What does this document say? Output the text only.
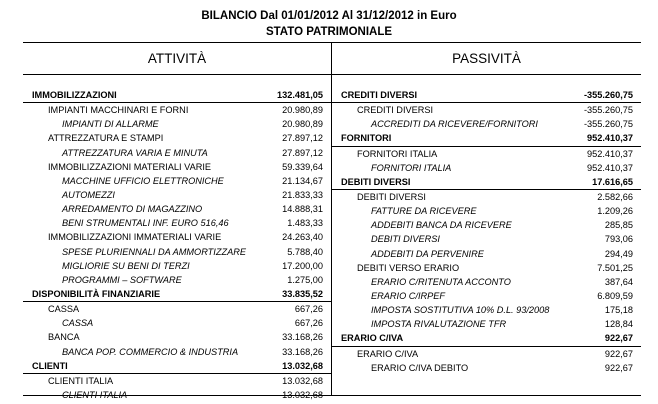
BILANCIO Dal 01/01/2012 Al 31/12/2012 in Euro
STATO PATRIMONIALE
ATTIVITÀ	PASSIVITÀ
IMMOBILIZZAZIONI	132.481,05
IMPIANTI MACCHINARI E FORNI	20.980,89
IMPIANTI DI ALLARME	20.980,89
ATTREZZATURA E STAMPI	27.897,12
ATTREZZATURA VARIA E MINUTA	27.897,12
IMMOBILIZZAZIONI MATERIALI VARIE	59.339,64
MACCHINE UFFICIO ELETTRONICHE	21.134,67
AUTOMEZZI	21.833,33
ARREDAMENTO DI MAGAZZINO	14.888,31
BENI STRUMENTALI INF. EURO 516,46	1.483,33
IMMOBILIZZAZIONI IMMATERIALI VARIE	24.263,40
SPESE PLURIENNALI DA AMMORTIZZARE	5.788,40
MIGLIORIE SU BENI DI TERZI	17.200,00
PROGRAMMI – SOFTWARE	1.275,00
DISPONIBILITÀ FINANZIARIE	33.835,52
CASSA	667,26
CASSA	667,26
BANCA	33.168,26
BANCA POP. COMMERCIO & INDUSTRIA	33.168,26
CLIENTI	13.032,68
CLIENTI ITALIA	13.032,68
CLIENTI ITALIA	13.032,68
CREDITI DIVERSI	-355.260,75
CREDITI DIVERSI	-355.260,75
ACCREDITI DA RICEVERE/FORNITORI	-355.260,75
FORNITORI	952.410,37
FORNITORI ITALIA	952.410,37
FORNITORI ITALIA	952.410,37
DEBITI DIVERSI	17.616,65
DEBITI DIVERSI	2.582,66
FATTURE DA RICEVERE	1.209,26
ADDEBITI BANCA DA RICEVERE	285,85
DEBITI DIVERSI	793,06
ADDEBITI DA PERVENIRE	294,49
DEBITI VERSO ERARIO	7.501,25
ERARIO C/RITENUTA ACCONTO	387,64
ERARIO C/IRPEF	6.809,59
IMPOSTA SOSTITUTIVA 10% D.L. 93/2008	175,18
IMPOSTA RIVALUTAZIONE TFR	128,84
ERARIO C/IVA	922,67
ERARIO C/IVA	922,67
ERARIO C/IVA DEBITO	922,67
